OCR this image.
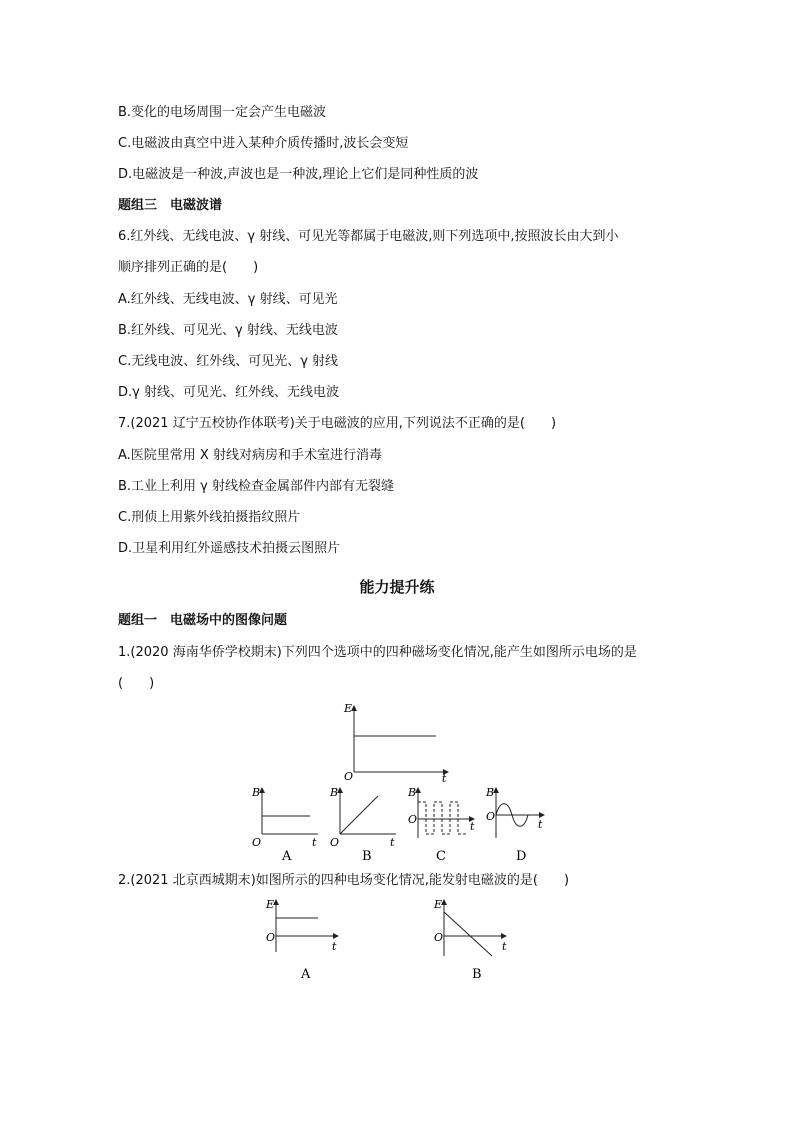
B.变化的电场周围一定会产生电磁波
C.电磁波由真空中进入某种介质传播时,波长会变短
D.电磁波是一种波,声波也是一种波,理论上它们是同种性质的波
题组三　电磁波谱
6.红外线、无线电波、γ 射线、可见光等都属于电磁波,则下列选项中,按照波长由大到小
顺序排列正确的是(　　)
A.红外线、无线电波、γ 射线、可见光
B.红外线、可见光、γ 射线、无线电波
C.无线电波、红外线、可见光、γ 射线
D.γ 射线、可见光、红外线、无线电波
7.(2021 辽宁五校协作体联考)关于电磁波的应用,下列说法不正确的是(　　)
A.医院里常用 X 射线对病房和手术室进行消毒
B.工业上利用 γ 射线检查金属部件内部有无裂缝
C.刑侦上用紫外线拍摄指纹照片
D.卫星利用红外遥感技术拍摄云图照片
能力提升练
题组一　电磁场中的图像问题
1.(2020 海南华侨学校期末)下列四个选项中的四种磁场变化情况,能产生如图所示电场的是
(　　)
E
O	t
B
O	t
A
B
O	t
B
B
O
t
C
B
O
t
D
2.(2021 北京西城期末)如图所示的四种电场变化情况,能发射电磁波的是(　　)
E
O
t
A
E
O
t
B
